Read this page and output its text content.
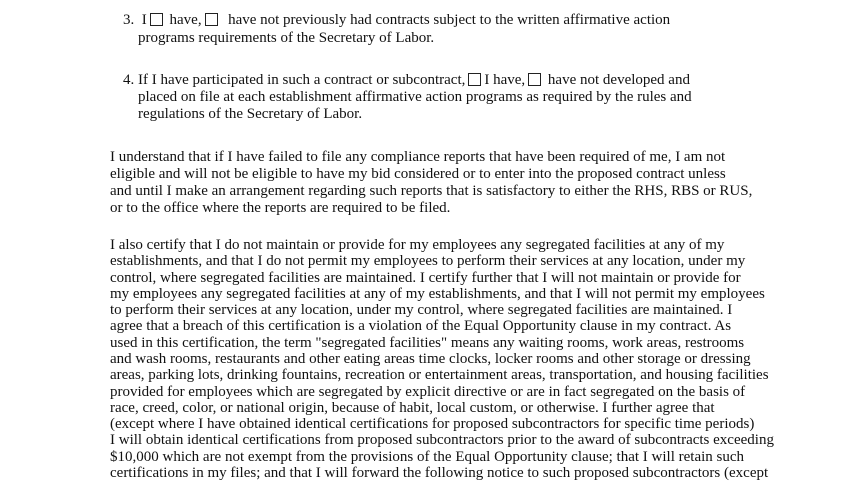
3. I have, have not previously had contracts subject to the written affirmative action
programs requirements of the Secretary of Labor.
4. If I have participated in such a contract or subcontract, I have, have not developed and
placed on file at each establishment affirmative action programs as required by the rules and
regulations of the Secretary of Labor.
I understand that if I have failed to file any compliance reports that have been required of me, I am not
eligible and will not be eligible to have my bid considered or to enter into the proposed contract unless
and until I make an arrangement regarding such reports that is satisfactory to either the RHS, RBS or RUS,
or to the office where the reports are required to be filed.
I also certify that I do not maintain or provide for my employees any segregated facilities at any of my
establishments, and that I do not permit my employees to perform their services at any location, under my
control, where segregated facilities are maintained. I certify further that I will not maintain or provide for
my employees any segregated facilities at any of my establishments, and that I will not permit my employees
to perform their services at any location, under my control, where segregated facilities are maintained. I
agree that a breach of this certification is a violation of the Equal Opportunity clause in my contract. As
used in this certification, the term "segregated facilities" means any waiting rooms, work areas, restrooms
and wash rooms, restaurants and other eating areas time clocks, locker rooms and other storage or dressing
areas, parking lots, drinking fountains, recreation or entertainment areas, transportation, and housing facilities
provided for employees which are segregated by explicit directive or are in fact segregated on the basis of
race, creed, color, or national origin, because of habit, local custom, or otherwise. I further agree that
(except where I have obtained identical certifications for proposed subcontractors for specific time periods)
I will obtain identical certifications from proposed subcontractors prior to the award of subcontracts exceeding
$10,000 which are not exempt from the provisions of the Equal Opportunity clause; that I will retain such
certifications in my files; and that I will forward the following notice to such proposed subcontractors (except
